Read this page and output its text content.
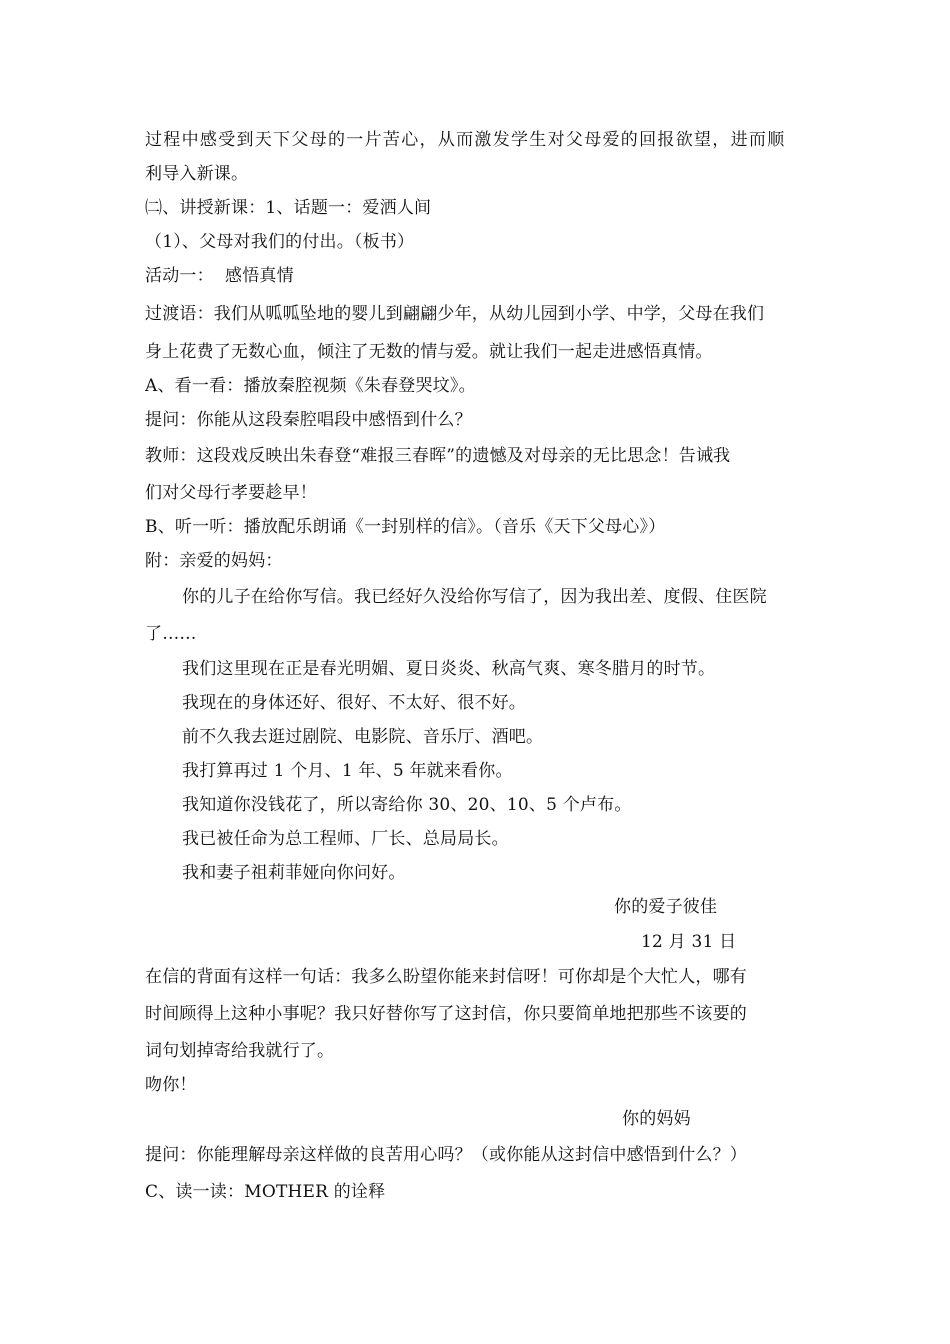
过程中感受到天下父母的一片苦心，从而激发学生对父母爱的回报欲望，进而顺
利导入新课。
㈡、讲授新课：1、话题一：爱洒人间
（1）、父母对我们的付出。（板书）
活动一：  感悟真情
过渡语：我们从呱呱坠地的婴儿到翩翩少年，从幼儿园到小学、中学，父母在我们
身上花费了无数心血，倾注了无数的情与爱。就让我们一起走进感悟真情。
A、看一看：播放秦腔视频《朱春登哭坟》。
提问：你能从这段秦腔唱段中感悟到什么？
教师：这段戏反映出朱春登“难报三春晖”的遗憾及对母亲的无比思念！告诫我
们对父母行孝要趁早！
B、听一听：播放配乐朗诵《一封别样的信》。（音乐《天下父母心》）
附：亲爱的妈妈：
你的儿子在给你写信。我已经好久没给你写信了，因为我出差、度假、住医院
了……
我们这里现在正是春光明媚、夏日炎炎、秋高气爽、寒冬腊月的时节。
我现在的身体还好、很好、不太好、很不好。
前不久我去逛过剧院、电影院、音乐厅、酒吧。
我打算再过 1 个月、1 年、5 年就来看你。
我知道你没钱花了，所以寄给你 30、20、10、5 个卢布。
我已被任命为总工程师、厂长、总局局长。
我和妻子祖莉菲娅向你问好。
你的爱子彼佳
12 月 31 日
在信的背面有这样一句话：我多么盼望你能来封信呀！可你却是个大忙人，哪有
时间顾得上这种小事呢？我只好替你写了这封信，你只要简单地把那些不该要的
词句划掉寄给我就行了。
吻你！
你的妈妈
提问：你能理解母亲这样做的良苦用心吗？（或你能从这封信中感悟到什么？）
C、读一读：MOTHER 的诠释
